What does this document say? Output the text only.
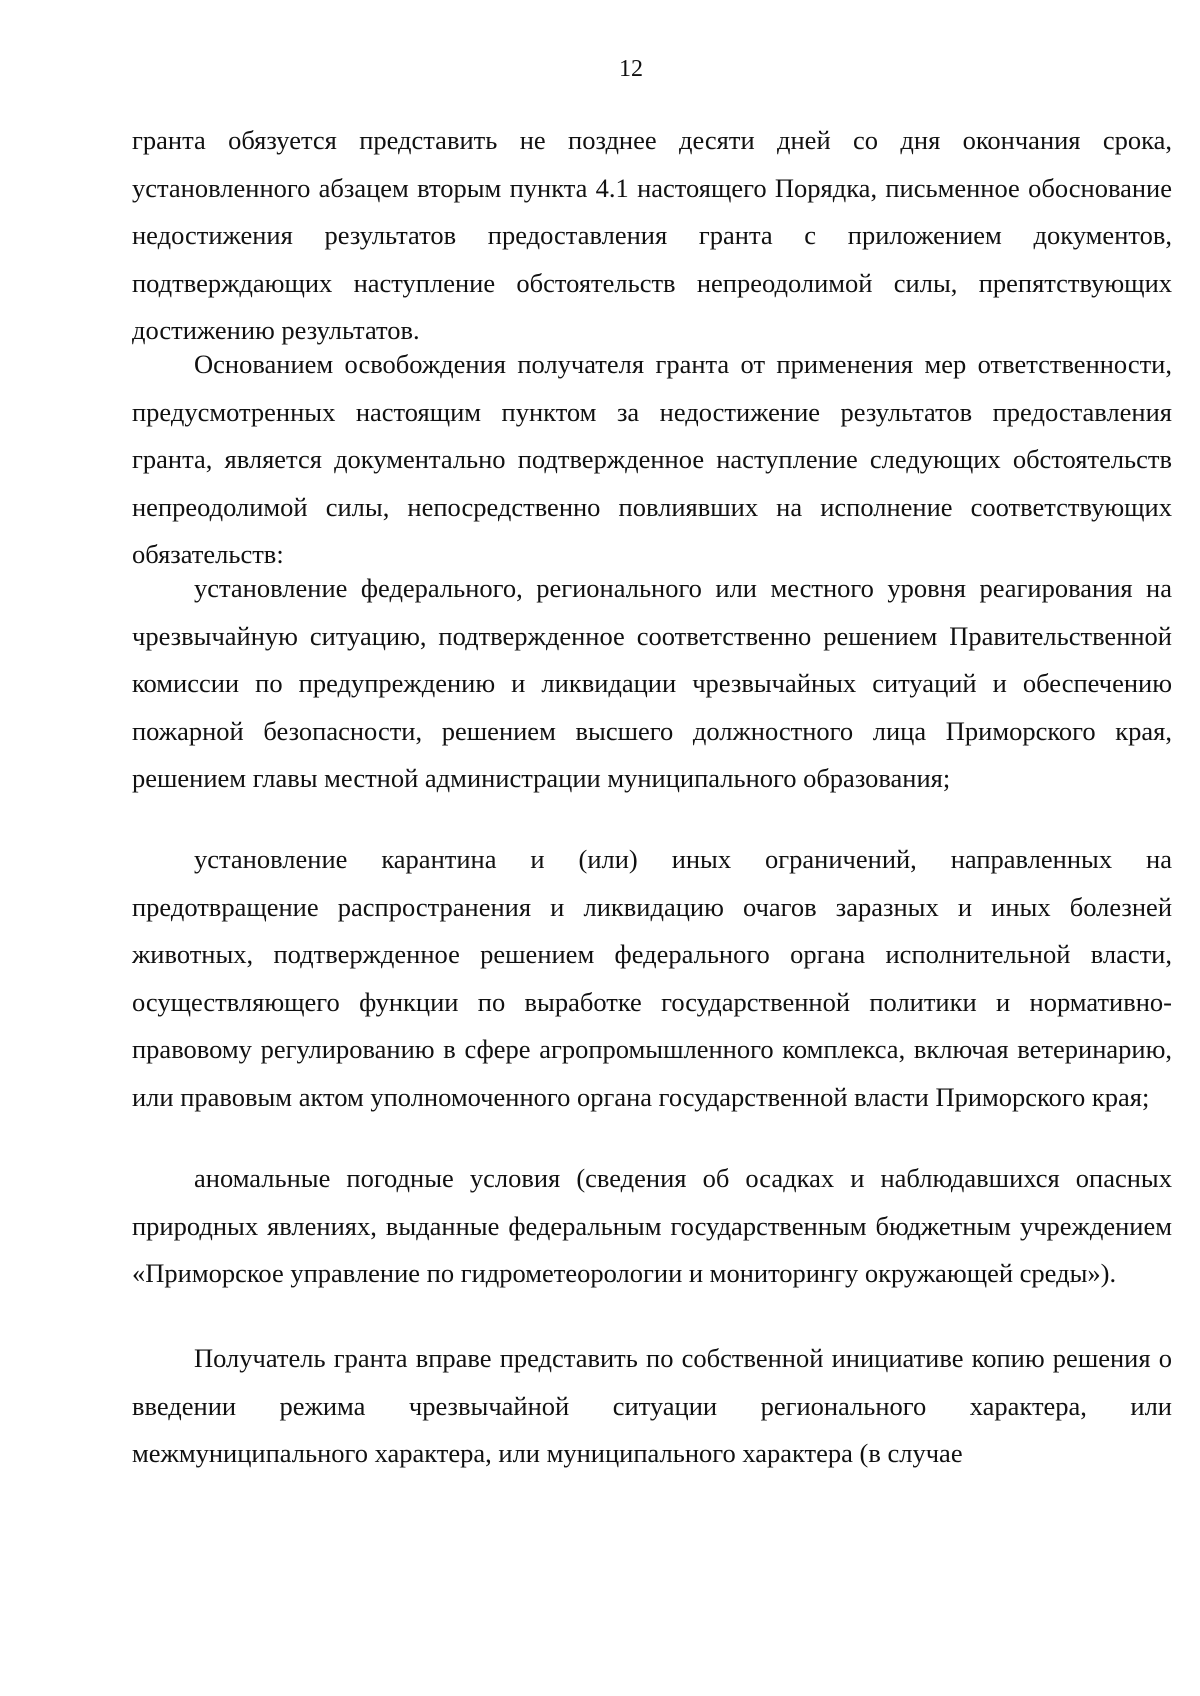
12

гранта обязуется представить не позднее десяти дней со дня окончания срока, установленного абзацем вторым пункта 4.1 настоящего Порядка, письменное обоснование недостижения результатов предоставления гранта с приложением документов, подтверждающих наступление обстоятельств непреодолимой силы, препятствующих достижению результатов.

Основанием освобождения получателя гранта от применения мер ответственности, предусмотренных настоящим пунктом за недостижение результатов предоставления гранта, является документально подтвержденное наступление следующих обстоятельств непреодолимой силы, непосредственно повлиявших на исполнение соответствующих обязательств:

установление федерального, регионального или местного уровня реагирования на чрезвычайную ситуацию, подтвержденное соответственно решением Правительственной комиссии по предупреждению и ликвидации чрезвычайных ситуаций и обеспечению пожарной безопасности, решением высшего должностного лица Приморского края, решением главы местной администрации муниципального образования;

установление карантина и (или) иных ограничений, направленных на предотвращение распространения и ликвидацию очагов заразных и иных болезней животных, подтвержденное решением федерального органа исполнительной власти, осуществляющего функции по выработке государственной политики и нормативно-правовому регулированию в сфере агропромышленного комплекса, включая ветеринарию, или правовым актом уполномоченного органа государственной власти Приморского края;

аномальные погодные условия (сведения об осадках и наблюдавшихся опасных природных явлениях, выданные федеральным государственным бюджетным учреждением «Приморское управление по гидрометеорологии и мониторингу окружающей среды»).

Получатель гранта вправе представить по собственной инициативе копию решения о введении режима чрезвычайной ситуации регионального характера, или межмуниципального характера, или муниципального характера (в случае
